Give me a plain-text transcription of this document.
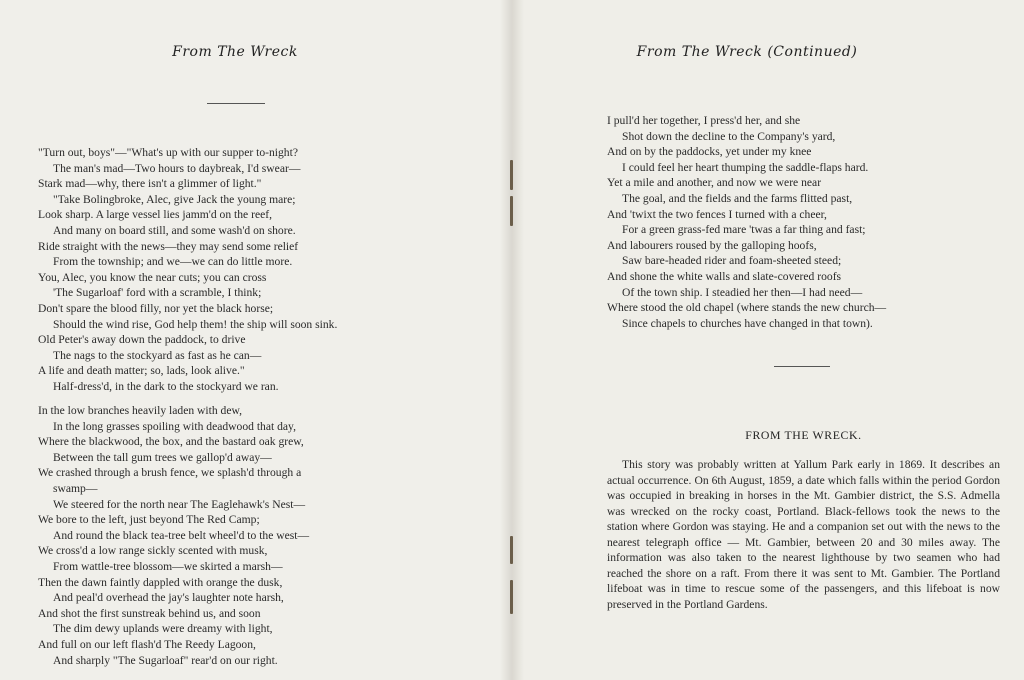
From The Wreck
"Turn out, boys"—"What's up with our supper to-night?
The man's mad—Two hours to daybreak, I'd swear—
Stark mad—why, there isn't a glimmer of light."
"Take Bolingbroke, Alec, give Jack the young mare;
Look sharp. A large vessel lies jamm'd on the reef,
And many on board still, and some wash'd on shore.
Ride straight with the news—they may send some relief
From the township; and we—we can do little more.
You, Alec, you know the near cuts; you can cross
'The Sugarloaf' ford with a scramble, I think;
Don't spare the blood filly, nor yet the black horse;
Should the wind rise, God help them! the ship will soon sink.
Old Peter's away down the paddock, to drive
The nags to the stockyard as fast as he can—
A life and death matter; so, lads, look alive."
Half-dress'd, in the dark to the stockyard we ran.
In the low branches heavily laden with dew,
In the long grasses spoiling with deadwood that day,
Where the blackwood, the box, and the bastard oak grew,
Between the tall gum trees we gallop'd away—
We crashed through a brush fence, we splash'd through a
swamp—
We steered for the north near The Eaglehawk's Nest—
We bore to the left, just beyond The Red Camp;
And round the black tea-tree belt wheel'd to the west—
We cross'd a low range sickly scented with musk,
From wattle-tree blossom—we skirted a marsh—
Then the dawn faintly dappled with orange the dusk,
And peal'd overhead the jay's laughter note harsh,
And shot the first sunstreak behind us, and soon
The dim dewy uplands were dreamy with light,
And full on our left flash'd The Reedy Lagoon,
And sharply "The Sugarloaf" rear'd on our right.
From The Wreck (Continued)
I pull'd her together, I press'd her, and she
Shot down the decline to the Company's yard,
And on by the paddocks, yet under my knee
I could feel her heart thumping the saddle-flaps hard.
Yet a mile and another, and now we were near
The goal, and the fields and the farms flitted past,
And 'twixt the two fences I turned with a cheer,
For a green grass-fed mare 'twas a far thing and fast;
And labourers roused by the galloping hoofs,
Saw bare-headed rider and foam-sheeted steed;
And shone the white walls and slate-covered roofs
Of the town ship. I steadied her then—I had need—
Where stood the old chapel (where stands the new church—
Since chapels to churches have changed in that town).
FROM THE WRECK.
This story was probably written at Yallum Park early in 1869. It describes an actual occurrence. On 6th August, 1859, a date which falls within the period Gordon was occupied in breaking in horses in the Mt. Gambier district, the S.S. Admella was wrecked on the rocky coast, Portland. Black-fellows took the news to the station where Gordon was staying. He and a companion set out with the news to the nearest telegraph office — Mt. Gambier, between 20 and 30 miles away. The information was also taken to the nearest lighthouse by two seamen who had reached the shore on a raft. From there it was sent to Mt. Gambier. The Portland lifeboat was in time to rescue some of the passengers, and this lifeboat is now preserved in the Portland Gardens.
